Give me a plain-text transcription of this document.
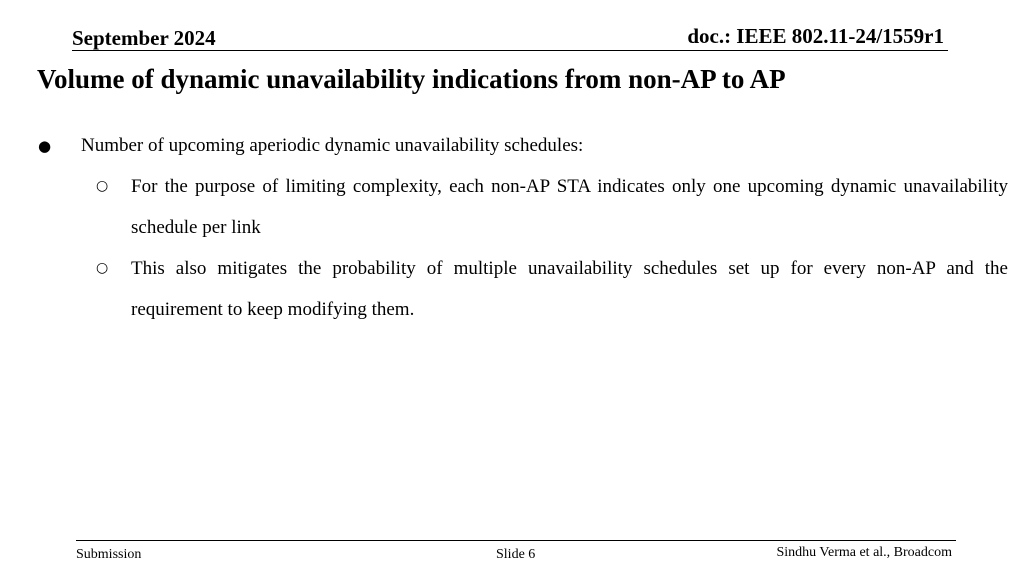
September 2024	doc.: IEEE 802.11-24/1559r1
Volume of dynamic unavailability indications from non-AP to AP
● Number of upcoming aperiodic dynamic unavailability schedules:
○ For the purpose of limiting complexity, each non-AP STA indicates only one upcoming dynamic unavailability schedule per link
○ This also mitigates the probability of multiple unavailability schedules set up for every non-AP and the requirement to keep modifying them.
Submission	Slide 6	Sindhu Verma et al., Broadcom
